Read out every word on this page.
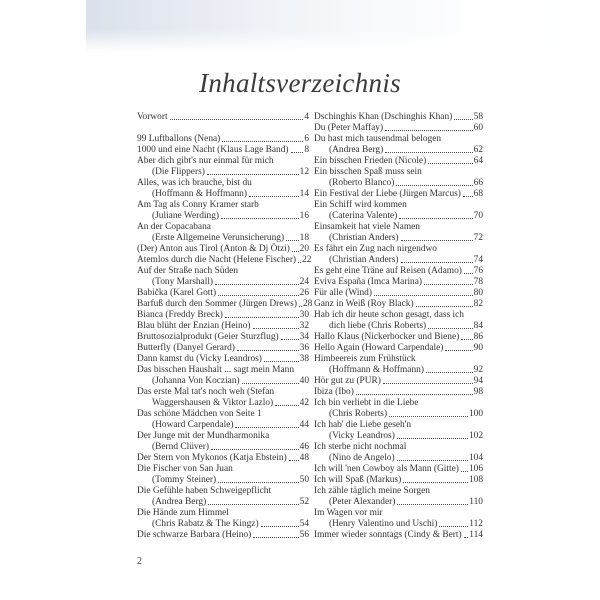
Inhaltsverzeichnis
Vorwort	4
99 Luftballons (Nena)	6
1000 und eine Nacht (Klaus Lage Band) 8
Aber dich gibt's nur einmal für mich
(Die Flippers)	12
Alles, was ich brauche, bist du
(Hoffmann & Hoffmann)	14
Am Tag als Conny Kramer starb
(Juliane Werding)	16
An der Copacabana
(Erste Allgemeine Verunsicherung) 18
(Der) Anton aus Tirol (Anton & Dj Ötzi) 20
Atemlos durch die Nacht (Helene Fischer) 22
Auf der Straße nach Süden
(Tony Marshall)	24
Babička (Karel Gott)	26
Barfuß durch den Sommer (Jürgen Drews) 28
Bianca (Freddy Breck)	30
Blau blüht der Enzian (Heino)	32
Bruttosozialprodukt (Geier Sturzflug) 34
Butterfly (Danyel Gerard)	36
Dann kamst du (Vicky Leandros)	38
Das bisschen Haushalt ... sagt mein Mann
(Johanna Von Koczian)	40
Das erste Mal tat's noch weh (Stefan
Waggershausen & Viktor Lazlo)	42
Das schöne Mädchen von Seite 1
(Howard Carpendale)	44
Der Junge mit der Mundharmonika
(Bernd Clüver)	46
Der Stern von Mykonos (Katja Ebstein) 48
Die Fischer von San Juan
(Tommy Steiner)	50
Die Gefühle haben Schweigepflicht
(Andrea Berg)	52
Die Hände zum Himmel
(Chris Rabatz & The Kingz)	54
Die schwarze Barbara (Heino)	56
Dschinghis Khan (Dschinghis Khan) 58
Du (Peter Maffay)	60
Du hast mich tausendmal belogen
(Andrea Berg)	62
Ein bisschen Frieden (Nicole)	64
Ein bisschen Spaß muss sein
(Roberto Blanco)	66
Ein Festival der Liebe (Jürgen Marcus) 68
Ein Schiff wird kommen
(Caterina Valente)	70
Einsamkeit hat viele Namen
(Christian Anders)	72
Es fährt ein Zug nach nirgendwo
(Christian Anders)	74
Es geht eine Träne auf Reisen (Adamo) 76
Eviva España (Imca Marina)	78
Für alle (Wind)	80
Ganz in Weiß (Roy Black)	82
Hab ich dir heute schon gesagt, dass ich
dich liebe (Chris Roberts)	84
Hallo Klaus (Nickerbocker und Biene) 86
Hello Again (Howard Carpendale)	90
Himbeereis zum Frühstück
(Hoffmann & Hoffmann)	92
Hör gut zu (PUR)	94
Ibiza (Ibo)	98
Ich bin verliebt in die Liebe
(Chris Roberts)	100
Ich hab' die Liebe geseh'n
(Vicky Leandros)	102
Ich sterbe nicht nochmal
(Nino de Angelo)	104
Ich will 'nen Cowboy als Mann (Gitte) 106
Ich will Spaß (Markus)	108
Ich zähle täglich meine Sorgen
(Peter Alexander)	110
Im Wagen vor mir
(Henry Valentino und Uschi)	112
Immer wieder sonntags (Cindy & Bert) 114
2
